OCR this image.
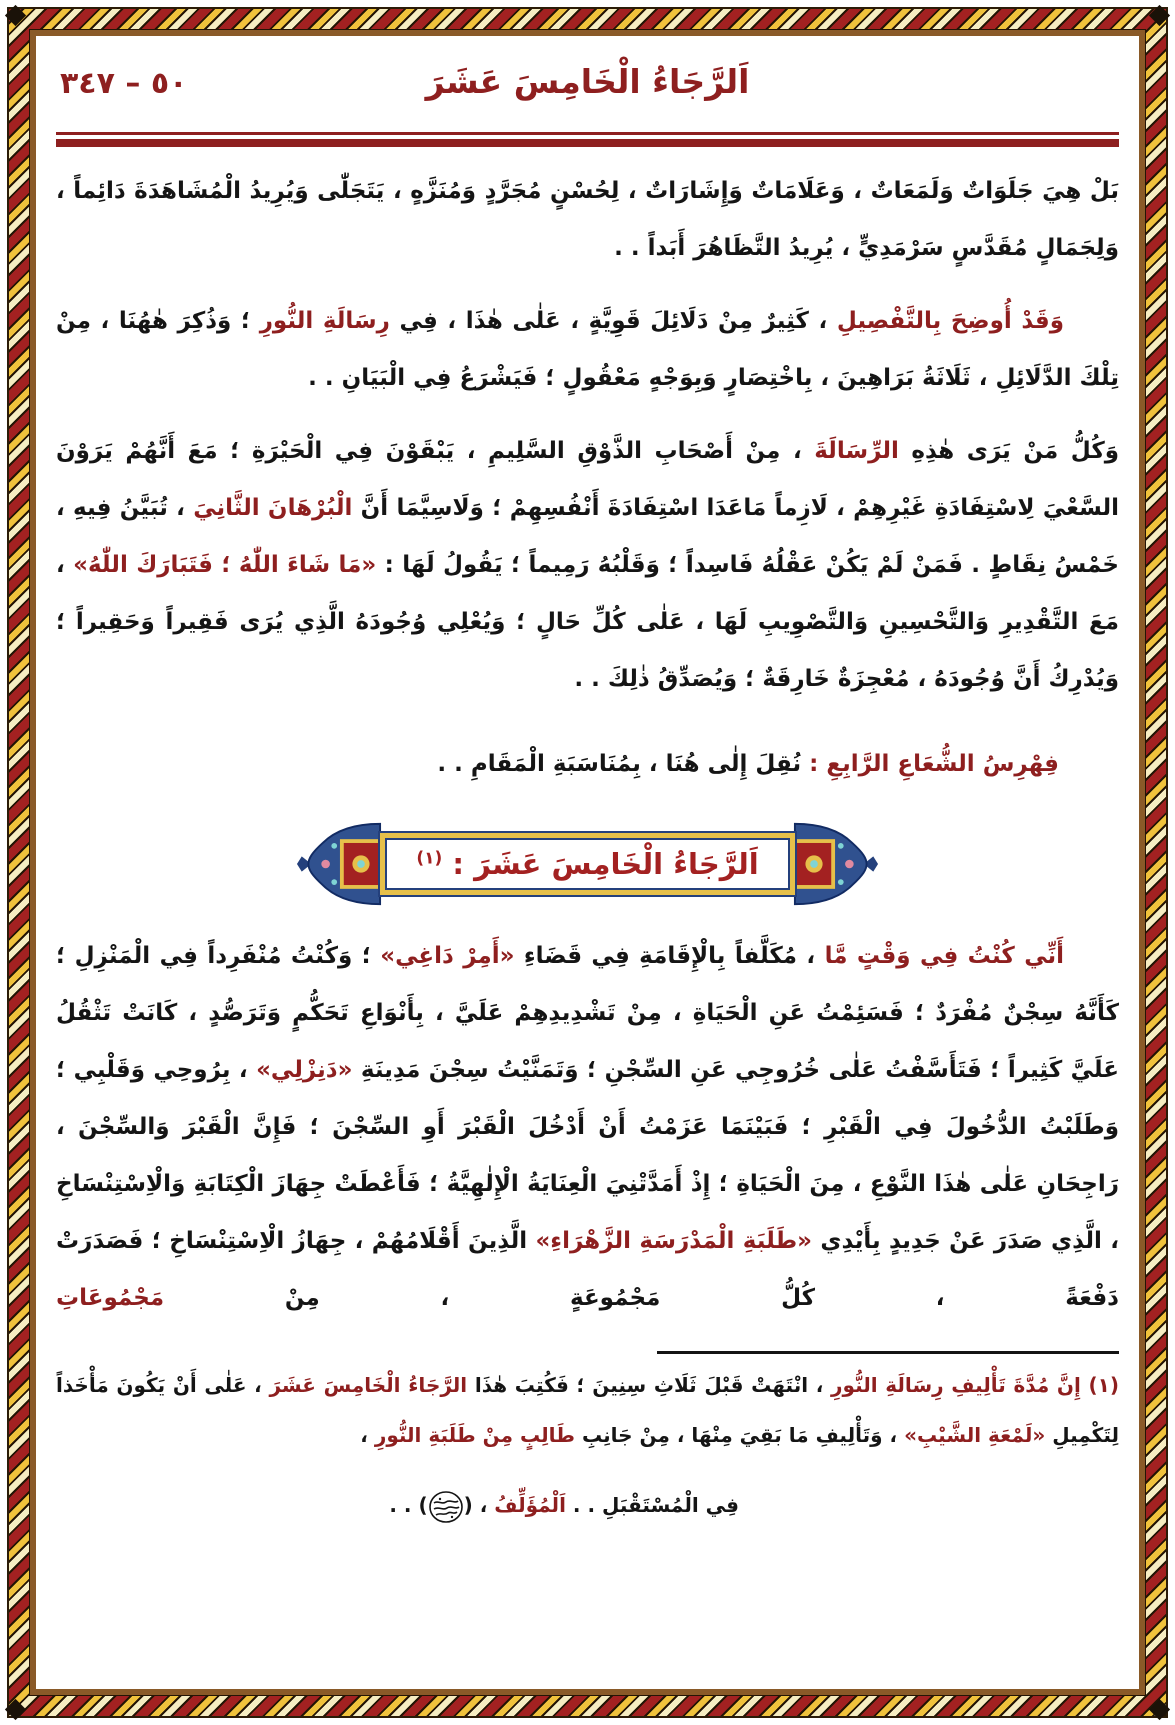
٥٠ – ٣٤٧	اَلرَّجَاءُ الْخَامِسَ عَشَرَ

بَلْ هِيَ جَلَوَاتٌ وَلَمَعَاتٌ ، وَعَلَامَاتٌ وَإِشَارَاتٌ ، لِحُسْنٍ مُجَرَّدٍ وَمُنَزَّهٍ ، يَتَجَلّٰى وَيُرِيدُ الْمُشَاهَدَةَ دَائِماً ، وَلِجَمَالٍ مُقَدَّسٍ سَرْمَدِيٍّ ، يُرِيدُ التَّظَاهُرَ أَبَداً . .

وَقَدْ أُوضِحَ بِالتَّفْصِيلِ ، كَثِيرٌ مِنْ دَلَائِلَ قَوِيَّةٍ ، عَلٰى هٰذَا ، فِي رِسَالَةِ النُّورِ ؛ وَذُكِرَ هٰهُنَا ، مِنْ تِلْكَ الدَّلَائِلِ ، ثَلَاثَةُ بَرَاهِينَ ، بِاخْتِصَارٍ وَبِوَجْهٍ مَعْقُولٍ ؛ فَيَشْرَعُ فِي الْبَيَانِ . .

وَكُلُّ مَنْ يَرَى هٰذِهِ الرِّسَالَةَ ، مِنْ أَصْحَابِ الذَّوْقِ السَّلِيمِ ، يَبْقَوْنَ فِي الْحَيْرَةِ ؛ مَعَ أَنَّهُمْ يَرَوْنَ السَّعْيَ لِاسْتِفَادَةِ غَيْرِهِمْ ، لَازِماً مَاعَدَا اسْتِفَادَةَ أَنْفُسِهِمْ ؛ وَلَاسِيَّمَا أَنَّ الْبُرْهَانَ الثَّانِيَ ، تُبَيَّنُ فِيهِ ، خَمْسُ نِقَاطٍ . فَمَنْ لَمْ يَكُنْ عَقْلُهُ فَاسِداً ؛ وَقَلْبُهُ رَمِيماً ؛ يَقُولُ لَهَا : «مَا شَاءَ اللّٰهُ ؛ فَتَبَارَكَ اللّٰهُ» ، مَعَ التَّقْدِيرِ وَالتَّحْسِينِ وَالتَّصْوِيبِ لَهَا ، عَلٰى كُلِّ حَالٍ ؛ وَيُعْلِي وُجُودَهُ الَّذِي يُرَى فَقِيراً وَحَقِيراً ؛ وَيُدْرِكُ أَنَّ وُجُودَهُ ، مُعْجِزَةٌ خَارِقَةٌ ؛ وَيُصَدِّقُ ذٰلِكَ . .

فِهْرِسُ الشُّعَاعِ الرَّابِعِ : نُقِلَ إِلٰى هُنَا ، بِمُنَاسَبَةِ الْمَقَامِ . .

اَلرَّجَاءُ الْخَامِسَ عَشَرَ : $^{(١)}$

أَنِّي كُنْتُ فِي وَقْتٍ مَّا ، مُكَلَّفاً بِالْإِقَامَةِ فِي قَضَاءِ «أَمِرْ دَاغِي» ؛ وَكُنْتُ مُنْفَرِداً فِي الْمَنْزِلِ ؛ كَأَنَّهُ سِجْنٌ مُفْرَدٌ ؛ فَسَئِمْتُ عَنِ الْحَيَاةِ ، مِنْ تَشْدِيدِهِمْ عَلَيَّ ، بِأَنْوَاعِ تَحَكُّمٍ وَتَرَصُّدٍ ، كَانَتْ تَثْقُلُ عَلَيَّ كَثِيراً ؛ فَتَأَسَّفْتُ عَلٰى خُرُوجِي عَنِ السِّجْنِ ؛ وَتَمَنَّيْتُ سِجْنَ مَدِينَةِ «دَنِزْلِي» ، بِرُوحِي وَقَلْبِي ؛ وَطَلَبْتُ الدُّخُولَ فِي الْقَبْرِ ؛ فَبَيْنَمَا عَزَمْتُ أَنْ أَدْخُلَ الْقَبْرَ أَوِ السِّجْنَ ؛ فَإِنَّ الْقَبْرَ وَالسِّجْنَ ، رَاجِحَانِ عَلٰى هٰذَا النَّوْعِ ، مِنَ الْحَيَاةِ ؛ إِذْ أَمَدَّتْنِيَ الْعِنَايَةُ الْإِلٰهِيَّةُ ؛ فَأَعْطَتْ جِهَازَ الْكِتَابَةِ وَالْاِسْتِنْسَاخِ ، الَّذِي صَدَرَ عَنْ جَدِيدٍ بِأَيْدِي «طَلَبَةِ الْمَدْرَسَةِ الزَّهْرَاءِ» الَّذِينَ أَقْلَامُهُمْ ، جِهَازُ الْاِسْتِنْسَاخِ ؛ فَصَدَرَتْ دَفْعَةً ، كُلُّ مَجْمُوعَةٍ ، مِنْ مَجْمُوعَاتِ

(١) إِنَّ مُدَّةَ تَأْلِيفِ رِسَالَةِ النُّورِ ، انْتَهَتْ قَبْلَ ثَلَاثِ سِنِينَ ؛ فَكُتِبَ هٰذَا الرَّجَاءُ الْخَامِسَ عَشَرَ ، عَلٰى أَنْ يَكُونَ مَأْخَذاً لِتَكْمِيلِ «لَمْعَةِ الشَّيْبِ» ، وَتَأْلِيفِ مَا بَقِيَ مِنْهَا ، مِنْ جَانِبِ طَالِبٍ مِنْ طَلَبَةِ النُّورِ ،

فِي الْمُسْتَقْبَلِ . . اَلْمُؤَلِّفُ ، () . .
